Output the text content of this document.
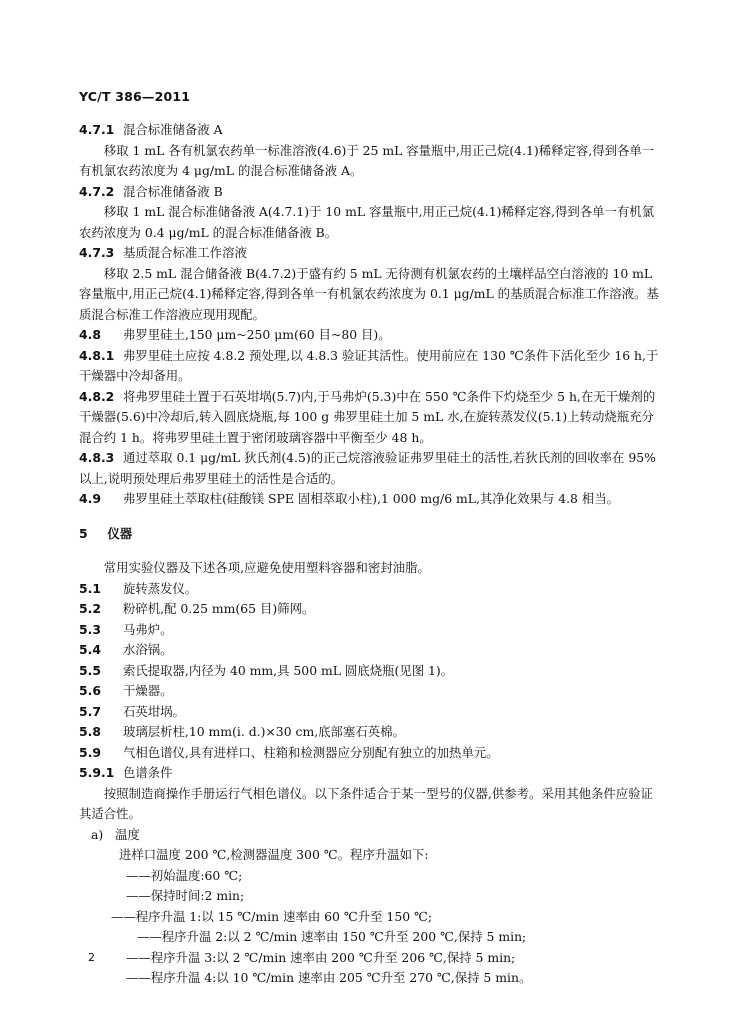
YC/T 386—2011

4.7.1 混合标准储备液 A

移取 1 mL 各有机氯农药单一标准溶液(4.6)于 25 mL 容量瓶中,用正己烷(4.1)稀释定容,得到各单一有机氯农药浓度为 4 μg/mL 的混合标准储备液 A。

4.7.2 混合标准储备液 B

移取 1 mL 混合标准储备液 A(4.7.1)于 10 mL 容量瓶中,用正己烷(4.1)稀释定容,得到各单一有机氯农药浓度为 0.4 μg/mL 的混合标准储备液 B。

4.7.3 基质混合标准工作溶液

移取 2.5 mL 混合储备液 B(4.7.2)于盛有约 5 mL 无待测有机氯农药的土壤样品空白溶液的 10 mL 容量瓶中,用正己烷(4.1)稀释定容,得到各单一有机氯农药浓度为 0.1 μg/mL 的基质混合标准工作溶液。基质混合标准工作溶液应现用现配。

4.8 弗罗里硅土,150 μm~250 μm(60 目~80 目)。

4.8.1 弗罗里硅土应按 4.8.2 预处理,以 4.8.3 验证其活性。使用前应在 130 ℃条件下活化至少 16 h,于干燥器中冷却备用。

4.8.2 将弗罗里硅土置于石英坩埚(5.7)内,于马弗炉(5.3)中在 550 ℃条件下灼烧至少 5 h,在无干燥剂的干燥器(5.6)中冷却后,转入圆底烧瓶,每 100 g 弗罗里硅土加 5 mL 水,在旋转蒸发仪(5.1)上转动烧瓶充分混合约 1 h。将弗罗里硅土置于密闭玻璃容器中平衡至少 48 h。

4.8.3 通过萃取 0.1 μg/mL 狄氏剂(4.5)的正己烷溶液验证弗罗里硅土的活性,若狄氏剂的回收率在 95% 以上,说明预处理后弗罗里硅土的活性是合适的。

4.9 弗罗里硅土萃取柱(硅酸镁 SPE 固相萃取小柱),1 000 mg/6 mL,其净化效果与 4.8 相当。

5 仪器

常用实验仪器及下述各项,应避免使用塑料容器和密封油脂。

5.1 旋转蒸发仪。

5.2 粉碎机,配 0.25 mm(65 目)筛网。

5.3 马弗炉。

5.4 水浴锅。

5.5 索氏提取器,内径为 40 mm,具 500 mL 圆底烧瓶(见图 1)。

5.6 干燥器。

5.7 石英坩埚。

5.8 玻璃层析柱,10 mm(i. d.)×30 cm,底部塞石英棉。

5.9 气相色谱仪,具有进样口、柱箱和检测器应分别配有独立的加热单元。

5.9.1 色谱条件

按照制造商操作手册运行气相色谱仪。以下条件适合于某一型号的仪器,供参考。采用其他条件应验证其适合性。

a) 温度

进样口温度 200 ℃,检测器温度 300 ℃。程序升温如下:

——初始温度:60 ℃;

——保持时间:2 min;

——程序升温 1:以 15 ℃/min 速率由 60 ℃升至 150 ℃;

——程序升温 2:以 2 ℃/min 速率由 150 ℃升至 200 ℃,保持 5 min;

——程序升温 3:以 2 ℃/min 速率由 200 ℃升至 206 ℃,保持 5 min;

——程序升温 4:以 10 ℃/min 速率由 205 ℃升至 270 ℃,保持 5 min。

2
